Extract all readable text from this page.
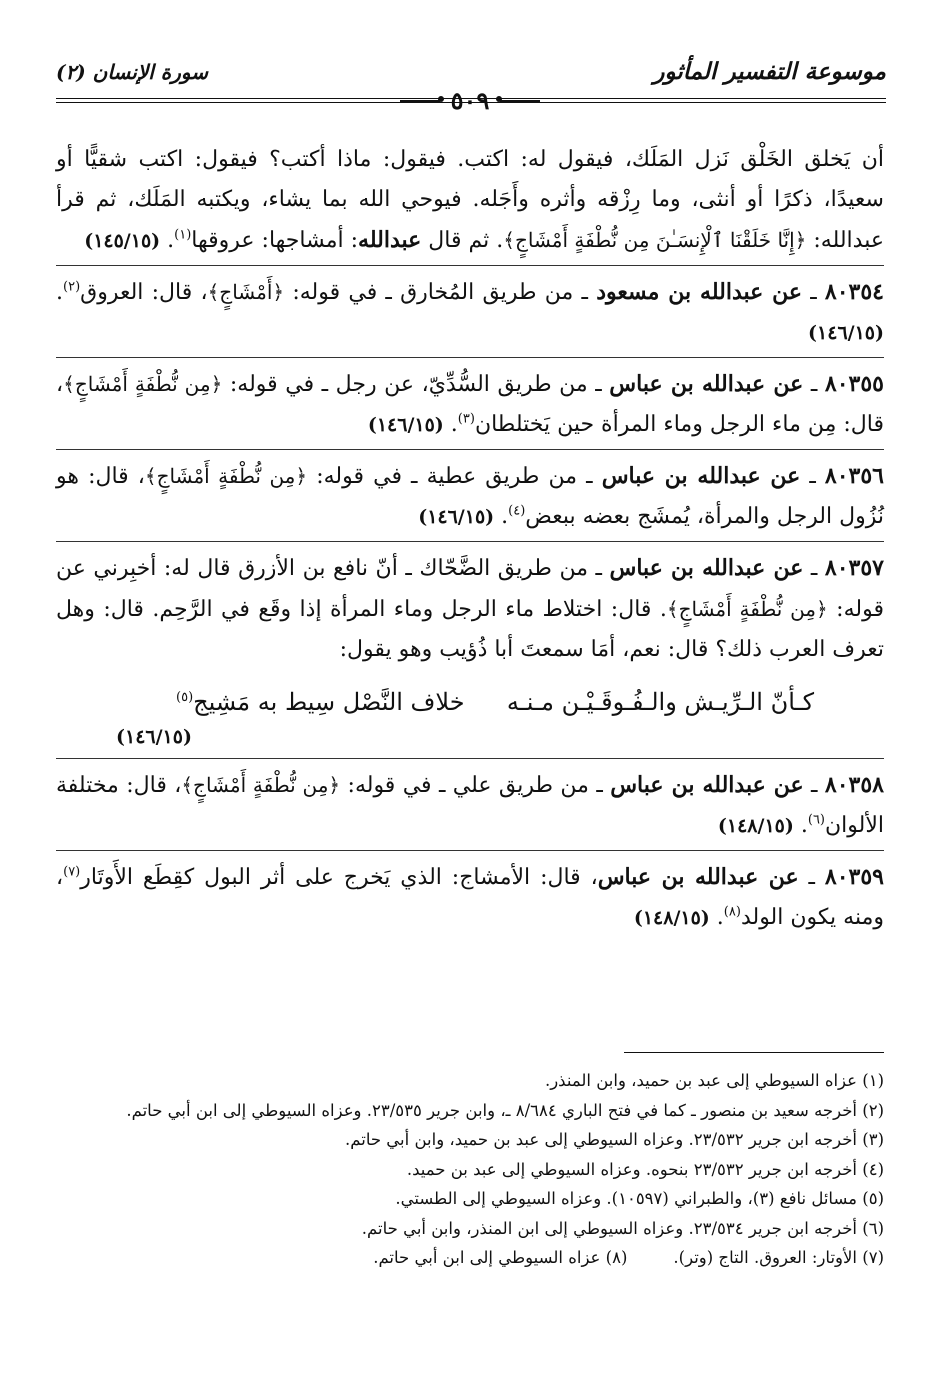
موسوعة التفسير المأثور
سورة الإنسان (٢)
٥٠٩

أن يَخلق الخَلْق نَزل المَلَك، فيقول له: اكتب. فيقول: ماذا أكتب؟ فيقول: اكتب شقيًّا أو سعيدًا، ذكرًا أو أنثى، وما رِزْقه وأثره وأَجَله. فيوحي الله بما يشاء، ويكتبه المَلَك، ثم قرأ عبدالله: ﴿إِنَّا خَلَقْنَا ٱلْإِنسَـٰنَ مِن نُّطْفَةٍ أَمْشَاجٍ﴾. ثم قال عبدالله: أمشاجها: عروقها$^{(١)}$. (١٤٥/١٥)

٨٠٣٥٤ ـ عن عبدالله بن مسعود ـ من طريق المُخارق ـ في قوله: ﴿أَمْشَاجٍ﴾، قال: العروق$^{(٢)}$. (١٤٦/١٥)

٨٠٣٥٥ ـ عن عبدالله بن عباس ـ من طريق السُّدِّيّ، عن رجل ـ في قوله: ﴿مِن نُّطْفَةٍ أَمْشَاجٍ﴾، قال: مِن ماء الرجل وماء المرأة حين يَختلطان$^{(٣)}$. (١٤٦/١٥)

٨٠٣٥٦ ـ عن عبدالله بن عباس ـ من طريق عطية ـ في قوله: ﴿مِن نُّطْفَةٍ أَمْشَاجٍ﴾، قال: هو نُزُول الرجل والمرأة، يُمشَج بعضه ببعض$^{(٤)}$. (١٤٦/١٥)

٨٠٣٥٧ ـ عن عبدالله بن عباس ـ من طريق الضَّحّاك ـ أنّ نافع بن الأزرق قال له: أخبِرني عن قوله: ﴿مِن نُّطْفَةٍ أَمْشَاجٍ﴾. قال: اختلاط ماء الرجل وماء المرأة إذا وقَع في الرَّحِم. قال: وهل تعرف العرب ذلك؟ قال: نعم، أمَا سمعتَ أبا ذُؤيب وهو يقول:

كـأنّ الـرِّيـش والـفُـوقَـيْـن مـنـه
خلاف النَّصْل سِيط به مَشِيج$^{(٥)}$
(١٤٦/١٥)

٨٠٣٥٨ ـ عن عبدالله بن عباس ـ من طريق علي ـ في قوله: ﴿مِن نُّطْفَةٍ أَمْشَاجٍ﴾، قال: مختلفة الألوان$^{(٦)}$. (١٤٨/١٥)

٨٠٣٥٩ ـ عن عبدالله بن عباس، قال: الأمشاج: الذي يَخرج على أثر البول كقِطَع الأَوتَار$^{(٧)}$، ومنه يكون الولد$^{(٨)}$. (١٤٨/١٥)

(١) عزاه السيوطي إلى عبد بن حميد، وابن المنذر.

(٢) أخرجه سعيد بن منصور ـ كما في فتح الباري ٨/٦٨٤ ـ، وابن جرير ٢٣/٥٣٥. وعزاه السيوطي إلى ابن أبي حاتم.

(٣) أخرجه ابن جرير ٢٣/٥٣٢. وعزاه السيوطي إلى عبد بن حميد، وابن أبي حاتم.

(٤) أخرجه ابن جرير ٢٣/٥٣٢ بنحوه. وعزاه السيوطي إلى عبد بن حميد.

(٥) مسائل نافع (٣)، والطبراني (١٠٥٩٧). وعزاه السيوطي إلى الطستي.

(٦) أخرجه ابن جرير ٢٣/٥٣٤. وعزاه السيوطي إلى ابن المنذر، وابن أبي حاتم.

(٧) الأوتار: العروق. التاج (وتر).
(٨) عزاه السيوطي إلى ابن أبي حاتم.
